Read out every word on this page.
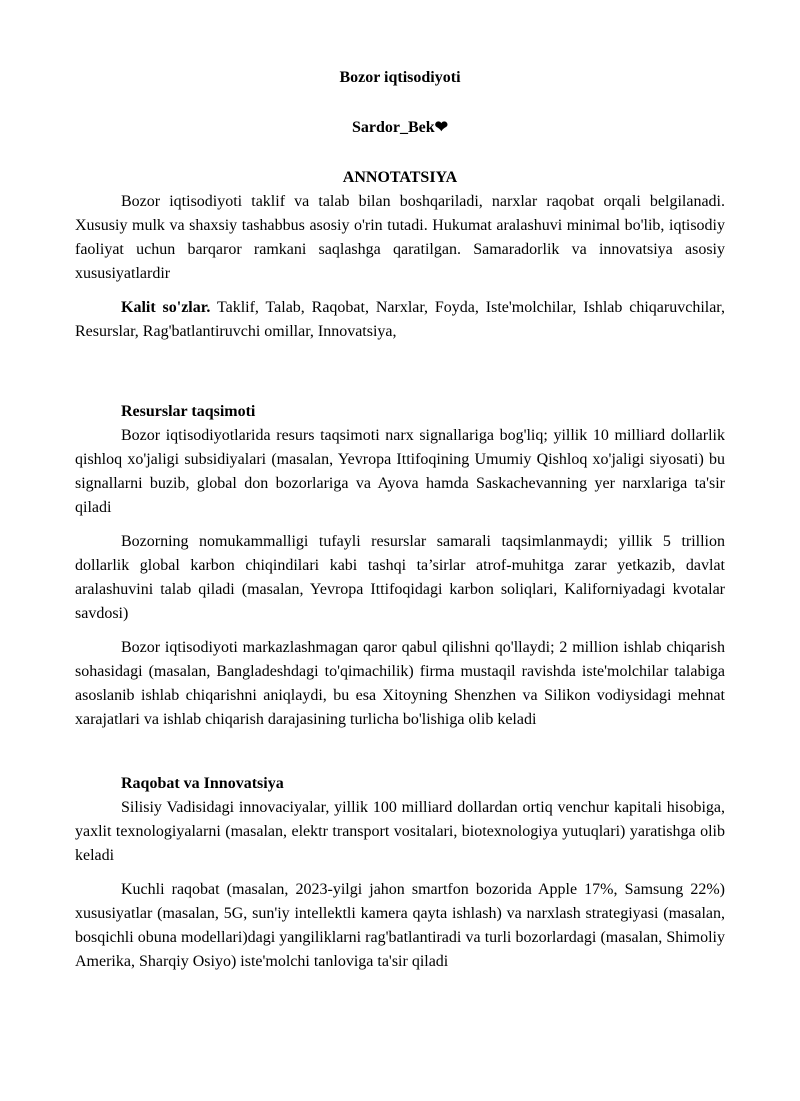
Bozor iqtisodiyoti
Sardor_Bek❤
ANNOTATSIYA

Bozor iqtisodiyoti taklif va talab bilan boshqariladi, narxlar raqobat orqali belgilanadi. Xususiy mulk va shaxsiy tashabbus asosiy o'rin tutadi. Hukumat aralashuvi minimal bo'lib, iqtisodiy faoliyat uchun barqaror ramkani saqlashga qaratilgan. Samaradorlik va innovatsiya asosiy xususiyatlardir

Kalit so'zlar. Taklif, Talab, Raqobat, Narxlar, Foyda, Iste'molchilar, Ishlab chiqaruvchilar, Resurslar, Rag'batlantiruvchi omillar, Innovatsiya,

Resurslar taqsimoti

Bozor iqtisodiyotlarida resurs taqsimoti narx signallariga bog'liq; yillik 10 milliard dollarlik qishloq xo'jaligi subsidiyalari (masalan, Yevropa Ittifoqining Umumiy Qishloq xo'jaligi siyosati) bu signallarni buzib, global don bozorlariga va Ayova hamda Saskachevanning yer narxlariga ta'sir qiladi

Bozorning nomukammalligi tufayli resurslar samarali taqsimlanmaydi; yillik 5 trillion dollarlik global karbon chiqindilari kabi tashqi ta’sirlar atrof-muhitga zarar yetkazib, davlat aralashuvini talab qiladi (masalan, Yevropa Ittifoqidagi karbon soliqlari, Kaliforniyadagi kvotalar savdosi)

Bozor iqtisodiyoti markazlashmagan qaror qabul qilishni qo'llaydi; 2 million ishlab chiqarish sohasidagi (masalan, Bangladeshdagi to'qimachilik) firma mustaqil ravishda iste'molchilar talabiga asoslanib ishlab chiqarishni aniqlaydi, bu esa Xitoyning Shenzhen va Silikon vodiysidagi mehnat xarajatlari va ishlab chiqarish darajasining turlicha bo'lishiga olib keladi

Raqobat va Innovatsiya

Silisiy Vadisidagi innovaciyalar, yillik 100 milliard dollardan ortiq venchur kapitali hisobiga, yaxlit texnologiyalarni (masalan, elektr transport vositalari, biotexnologiya yutuqlari) yaratishga olib keladi

Kuchli raqobat (masalan, 2023-yilgi jahon smartfon bozorida Apple 17%, Samsung 22%) xususiyatlar (masalan, 5G, sun'iy intellektli kamera qayta ishlash) va narxlash strategiyasi (masalan, bosqichli obuna modellari)dagi yangiliklarni rag'batlantiradi va turli bozorlardagi (masalan, Shimoliy Amerika, Sharqiy Osiyo) iste'molchi tanloviga ta'sir qiladi
